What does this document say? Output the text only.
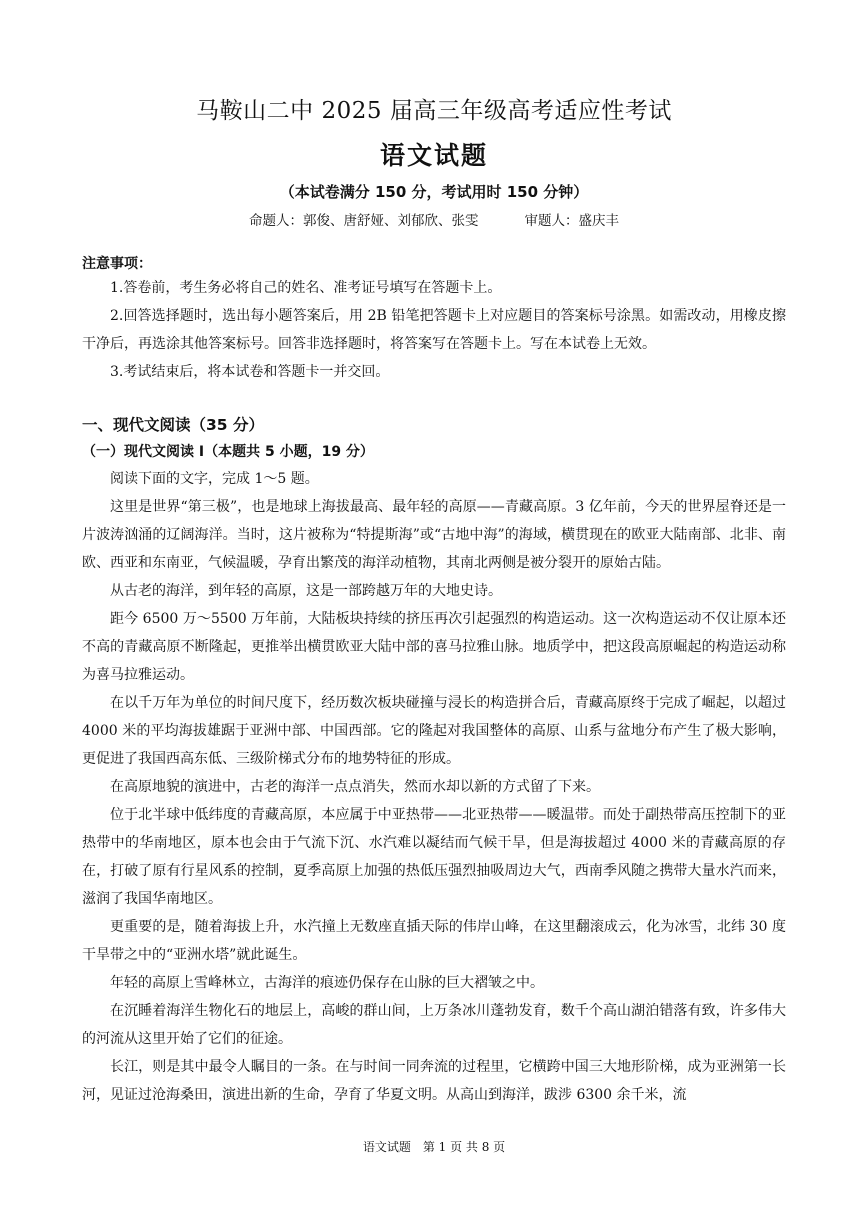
马鞍山二中 2025 届高三年级高考适应性考试
语文试题
（本试卷满分 150 分，考试用时 150 分钟）
命题人：郭俊、唐舒娅、刘郁欣、张雯	审题人：盛庆丰
注意事项：

1.答卷前，考生务必将自己的姓名、准考证号填写在答题卡上。

2.回答选择题时，选出每小题答案后，用 2B 铅笔把答题卡上对应题目的答案标号涂黑。如需改动，用橡皮擦干净后，再选涂其他答案标号。回答非选择题时，将答案写在答题卡上。写在本试卷上无效。

3.考试结束后，将本试卷和答题卡一并交回。

一、现代文阅读（35 分）
（一）现代文阅读 Ⅰ（本题共 5 小题，19 分）

阅读下面的文字，完成 1～5 题。

这里是世界“第三极”，也是地球上海拔最高、最年轻的高原——青藏高原。3 亿年前，今天的世界屋脊还是一片波涛汹涌的辽阔海洋。当时，这片被称为“特提斯海”或“古地中海”的海域，横贯现在的欧亚大陆南部、北非、南欧、西亚和东南亚，气候温暖，孕育出繁茂的海洋动植物，其南北两侧是被分裂开的原始古陆。

从古老的海洋，到年轻的高原，这是一部跨越万年的大地史诗。

距今 6500 万～5500 万年前，大陆板块持续的挤压再次引起强烈的构造运动。这一次构造运动不仅让原本还不高的青藏高原不断隆起，更推举出横贯欧亚大陆中部的喜马拉雅山脉。地质学中，把这段高原崛起的构造运动称为喜马拉雅运动。

在以千万年为单位的时间尺度下，经历数次板块碰撞与浸长的构造拼合后，青藏高原终于完成了崛起，以超过 4000 米的平均海拔雄踞于亚洲中部、中国西部。它的隆起对我国整体的高原、山系与盆地分布产生了极大影响，更促进了我国西高东低、三级阶梯式分布的地势特征的形成。

在高原地貌的演进中，古老的海洋一点点消失，然而水却以新的方式留了下来。

位于北半球中低纬度的青藏高原，本应属于中亚热带——北亚热带——暖温带。而处于副热带高压控制下的亚热带中的华南地区，原本也会由于气流下沉、水汽难以凝结而气候干旱，但是海拔超过 4000 米的青藏高原的存在，打破了原有行星风系的控制，夏季高原上加强的热低压强烈抽吸周边大气，西南季风随之携带大量水汽而来，滋润了我国华南地区。

更重要的是，随着海拔上升，水汽撞上无数座直插天际的伟岸山峰，在这里翻滚成云，化为冰雪，北纬 30 度干旱带之中的“亚洲水塔”就此诞生。

年轻的高原上雪峰林立，古海洋的痕迹仍保存在山脉的巨大褶皱之中。

在沉睡着海洋生物化石的地层上，高峻的群山间，上万条冰川蓬勃发育，数千个高山湖泊错落有致，许多伟大的河流从这里开始了它们的征途。

长江，则是其中最令人瞩目的一条。在与时间一同奔流的过程里，它横跨中国三大地形阶梯，成为亚洲第一长河，见证过沧海桑田，演进出新的生命，孕育了华夏文明。从高山到海洋，跋涉 6300 余千米，流

语文试题　第 1 页 共 8 页
